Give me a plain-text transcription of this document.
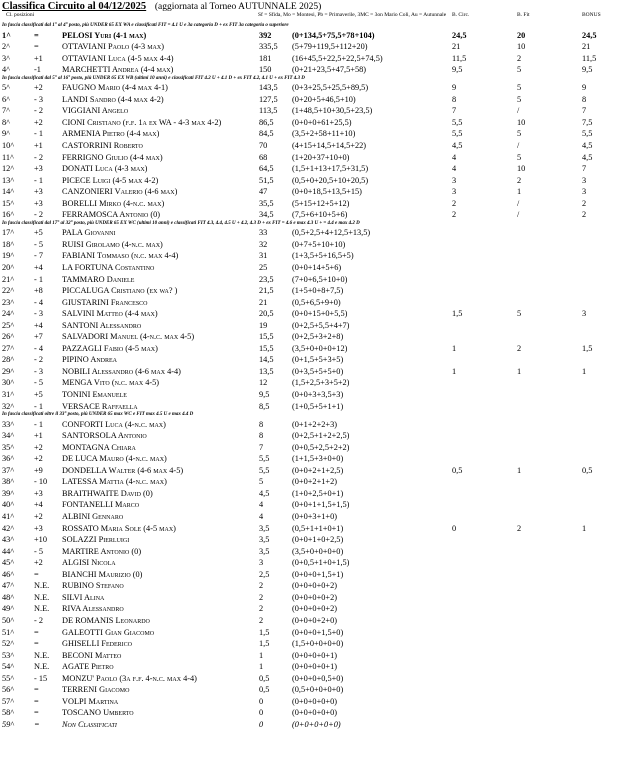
Classifica Circuito al 04/12/2025 (aggiornata al Torneo AUTUNNALE 2025)
Cl. posizioni	Sf = Sfida, Mo = Montesi, Pb = Primaverile, 3MC = 3on Mario Coli, Au = Autunnale B. Circ.	B. Fit	BONUS
In fascia classificati dal 1° al 4° posto, più UNDER 65 EX WA e classificati FIT = 4.1 U e 3a categoria D + ex FIT 3a categoria o superiore
1^	=	PELOSI Yuri (4-1 max)	392 (0+134,5+75,5+78+104)	24,5	20	24,5
2^	=	OTTAVIANI Paolo (4-3 max)	335,5 (5+79+119,5+112+20)	21	10	21
3^	+1 OTTAVIANI Luca (4-5 max 4-4)	181 (16+45,5+22,5+22,5+74,5)	11,5	2	11,5
4^	-1	MARCHETTI Andrea (4-4 max)	150 (0+21+23,5+47,5+58)	9,5	5	9,5
In fascia classificati dal 5° al 16° posto, più UNDER 65 EX WB (ultimi 10 anni) e classificati FIT 4.2 U + 4.1 D + ex FIT 4.2, 4.1 U + ex FIT 4.3 D
5^	+2 FAUGNO Mario (4-4 max 4-1)	143,5 (0+3+25,5+25,5+89,5)	9	5	9
6^	- 3 LANDI Sandro (4-4 max 4-2)	127,5 (0+20+5+46,5+10)	8	5	8
7^	- 2 VIGGIANI Angelo	113,5 (1+48,5+10+30,5+23,5)	7	/	7
8^	+2 CIONI Cristiano (f.f. 1a ex WA - 4-3 max 4-2)	86,5 (0+0+0+61+25,5)	5,5	10	7,5
9^	- 1 ARMENIA Pietro (4-4 max)	84,5 (3,5+2+58+11+10)	5,5	5	5,5
10^ +1 CASTORRINI Roberto	70	(4+15+14,5+14,5+22)	4,5	/	4,5
11^ - 2 FERRIGNO Giulio (4-4 max)	68	(1+20+37+10+0)	4	5	4,5
12^ +3 DONATI Luca (4-3 max)	64,5 (1,5+1+13+17,5+31,5)	4	10	7
13^ - 1 PICECE Luigi (4-5 max 4-2)	51,5 (0,5+0+20,5+10+20,5)	3	2	3
14^ +3 CANZONIERI Valerio (4-6 max)	47	(0+0+18,5+13,5+15)	3	1	3
15^ +3 BORELLI Mirko (4-n.c. max)	35,5 (5+15+12+5+12)	2	/	2
16^ - 2 FERRAMOSCA Antonio (0)	34,5 (7,5+6+10+5+6)	2	/	2
In fascia classificati dal 17° al 32° posto, più UNDER 65 EX WC (ultimi 10 anni) e classificati FIT 4.3, 4.4, 4.5 U + 4.2, 4.3 D + ex FIT = 4.6 e max 4.3 U + = 4.4 e max 4.2 D
17^ +5 PALA Giovanni	33	(0,5+2,5+4+12,5+13,5)
18^ - 5 RUISI Girolamo (4-n.c. max)	32	(0+7+5+10+10)
19^ - 7 FABIANI Tommaso (n.c. max 4-4)	31	(1+3,5+5+16,5+5)
20^ +4 LA FORTUNA Costantino	25	(0+0+14+5+6)
21^ - 1 TAMMARO Daniele	23,5 (7+0+6,5+10+0)
22^ +8 PICCALUGA Cristiano (ex wa? )	21,5 (1+5+0+8+7,5)
23^ - 4 GIUSTARINI Francesco	21	(0,5+6,5+9+0)
24^ - 3 SALVINI Matteo (4-4 max)	20,5 (0+0+15+0+5,5)	1,5	5	3
25^ +4 SANTONI Alessandro	19	(0+2,5+5,5+4+7)
26^ +7 SALVADORI Manuel (4-n.c. max 4-5)	15,5 (0+2,5+3+2+8)
27^ - 4 PAZZAGLI Fabio (4-5 max)	15,5 (3,5+0+0+0+12)	1	2	1,5
28^ - 2 PIPINO Andrea	14,5 (0+1,5+5+3+5)
29^ - 3 NOBILI Alessandro (4-6 max 4-4)	13,5 (0+3,5+5+5+0)	1	1	1
30^ - 5 MENGA Vito (n.c. max 4-5)	12	(1,5+2,5+3+5+2)
31^ +5 TONINI Emanuele	9,5	(0+0+3+3,5+3)
32^ - 1 VERSACE Raffaella	8,5	(1+0,5+5+1+1)
In fascia classificati oltre il 33° posto, più UNDER 65 max WC e FIT max 4.5 U e max 4.4 D
33^ - 1 CONFORTI Luca (4-n.c. max)	8	(0+1+2+2+3)
34^ +1 SANTORSOLA Antonio	8	(0+2,5+1+2+2,5)
35^ +2 MONTAGNA Chiara	7	(0+0,5+2,5+2+2)
36^ +2 DE LUCA Mauro (4-n.c. max)	5,5	(1+1,5+3+0+0)
37^ +9 DONDELLA Walter (4-6 max 4-5)	5,5	(0+0+2+1+2,5)	0,5	1	0,5
38^ - 10 LATESSA Mattia (4-n.c. max)	5	(0+0+2+1+2)
39^ +3 BRAITHWAITE David (0)	4,5	(1+0+2,5+0+1)
40^ +4 FONTANELLI Marco	4	(0+0+1+1,5+1,5)
41^ +2 ALBINI Gennaro	4	(0+0+3+1+0)
42^ +3 ROSSATO Maria Sole (4-5 max)	3,5	(0,5+1+1+0+1)	0	2	1
43^ +10 SOLAZZI Pierluigi	3,5	(0+0+1+0+2,5)
44^ - 5 MARTIRE Antonio (0)	3,5	(3,5+0+0+0+0)
45^ +2 ALGISI Nicola	3	(0+0,5+1+0+1,5)
46^ =	BIANCHI Maurizio (0)	2,5	(0+0+0+1,5+1)
47^ N.E. RUBINO Stefano	2	(0+0+0+0+2)
48^ N.E. SILVI Alina	2	(0+0+0+0+2)
49^ N.E. RIVA Alessandro	2	(0+0+0+0+2)
50^ - 2 DE ROMANIS Leonardo	2	(0+0+0+2+0)
51^ =	GALEOTTI Gian Giacomo	1,5	(0+0+0+1,5+0)
52^ =	GHISELLI Federico	1,5	(1,5+0+0+0+0)
53^ N.E. BECONI Matteo	1	(0+0+0+0+1)
54^ N.E. AGATE Pietro	1	(0+0+0+0+1)
55^ - 15 MONZU' Paolo (3a f.f. 4-n.c. max 4-4)	0,5	(0+0+0+0,5+0)
56^ =	TERRENI Giacomo	0,5	(0,5+0+0+0+0)
57^ =	VOLPI Martina	0	(0+0+0+0+0)
58^ =	TOSCANO Umberto	0	(0+0+0+0+0)
59^ =	Non Classificati	0	(0+0+0+0+0)
